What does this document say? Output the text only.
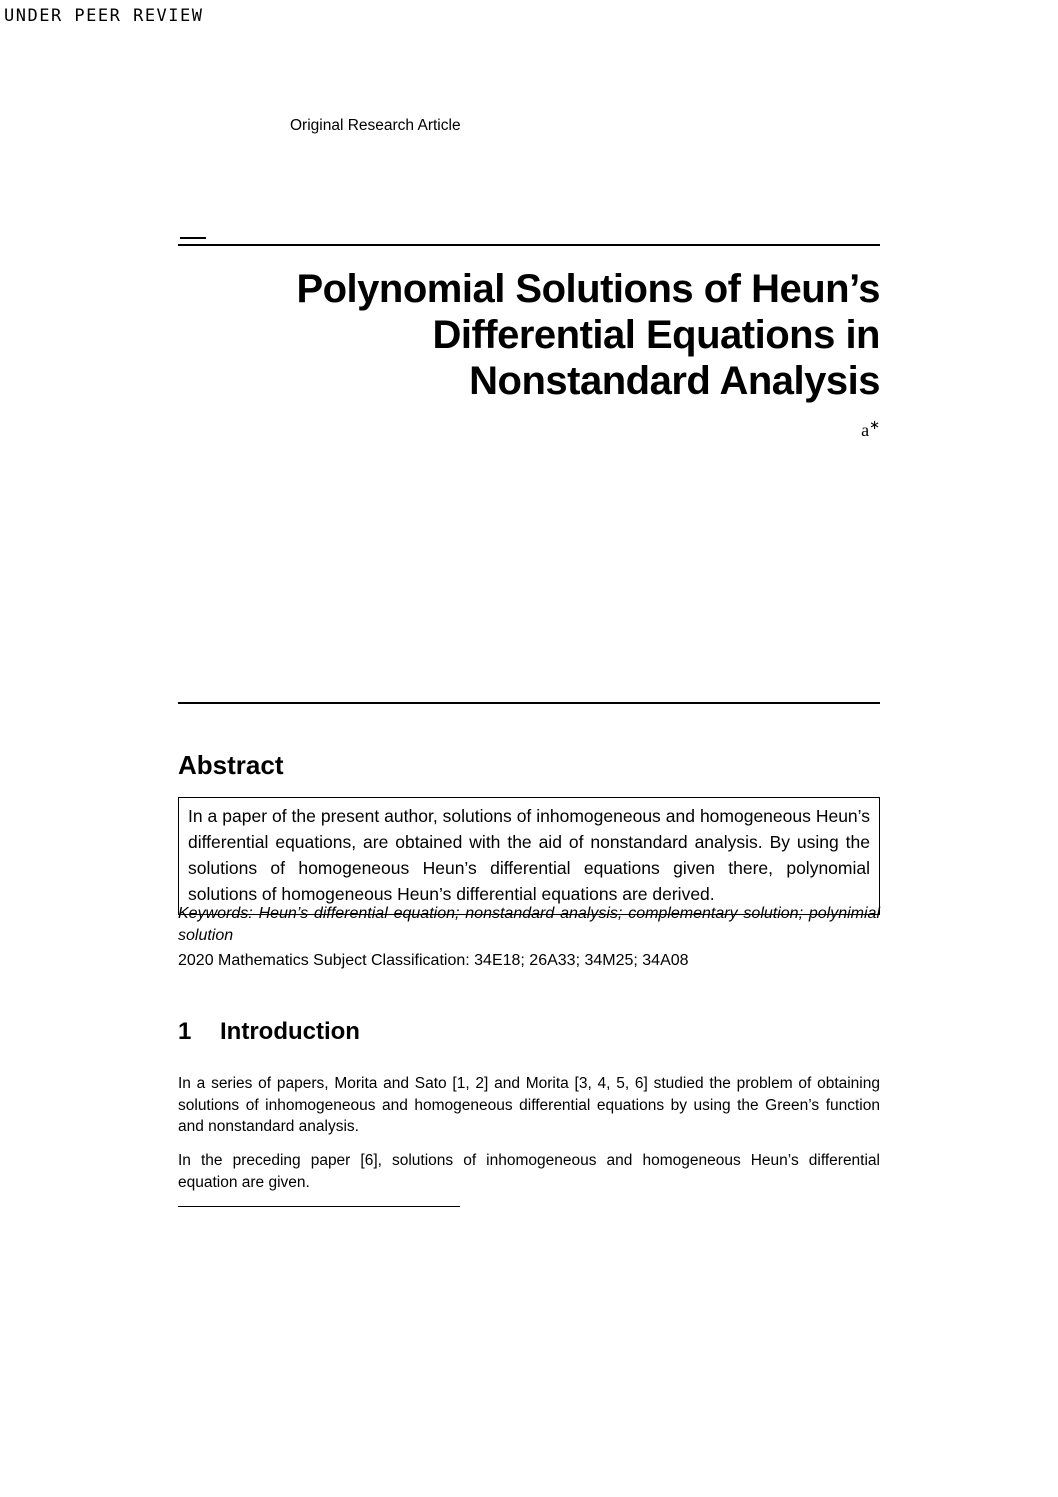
UNDER PEER REVIEW
Original Research Article
Polynomial Solutions of Heun’s
Differential Equations in
Nonstandard Analysis
a∗
Abstract
In a paper of the present author, solutions of inhomogeneous and homogeneous Heun’s differential equations, are obtained with the aid of nonstandard analysis. By using the solutions of homogeneous Heun’s differential equations given there, polynomial solutions of homogeneous Heun’s differential equations are derived.
Keywords: Heun’s differential equation; nonstandard analysis; complementary solution; polynimial solution
2020 Mathematics Subject Classification: 34E18; 26A33; 34M25; 34A08
1 Introduction
In a series of papers, Morita and Sato [1, 2] and Morita [3, 4, 5, 6] studied the problem of obtaining solutions of inhomogeneous and homogeneous differential equations by using the Green’s function and nonstandard analysis.
In the preceding paper [6], solutions of inhomogeneous and homogeneous Heun’s differential equation are given.
